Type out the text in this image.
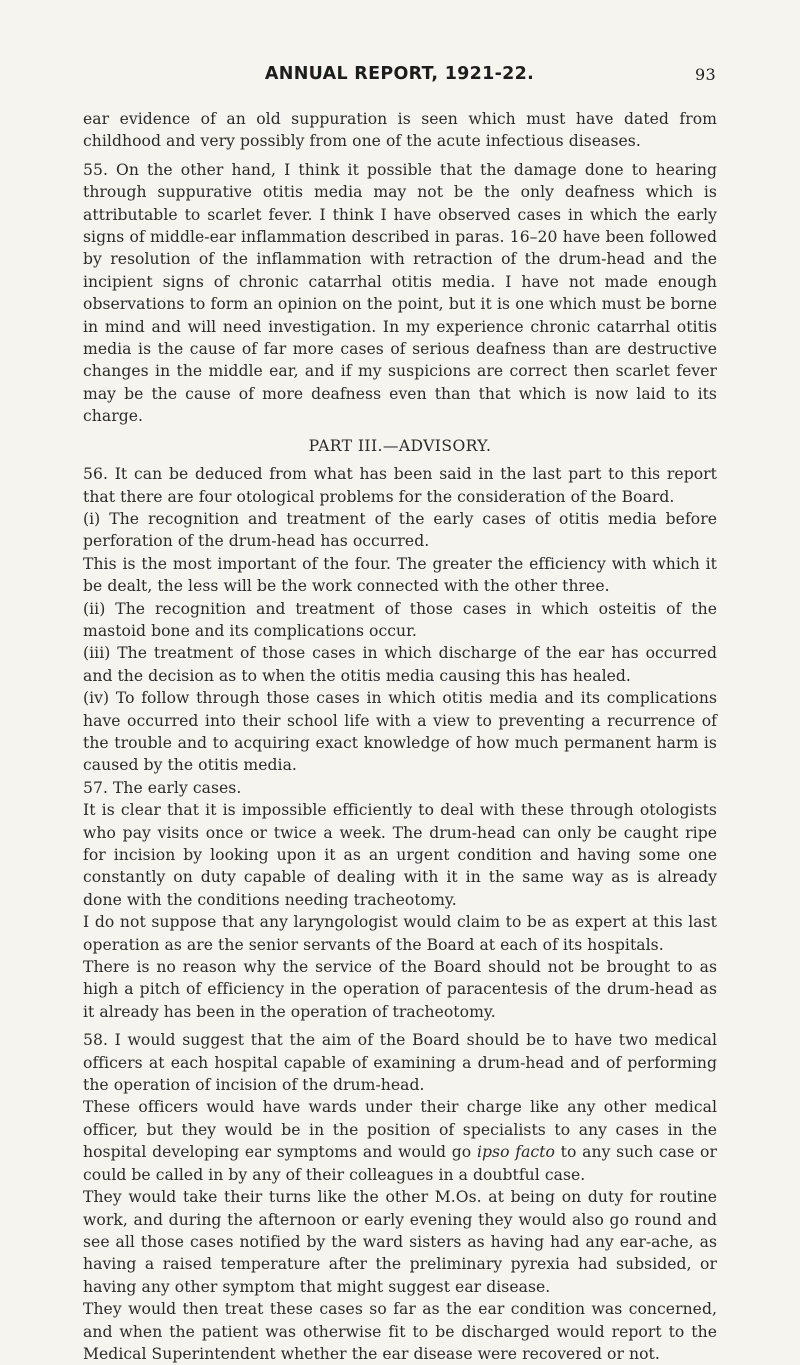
ANNUAL REPORT, 1921-22.	93

ear evidence of an old suppuration is seen which must have dated from childhood and very possibly from one of the acute infectious diseases.

55. On the other hand, I think it possible that the damage done to hearing through suppurative otitis media may not be the only deafness which is attributable to scarlet fever. I think I have observed cases in which the early signs of middle-ear inflammation described in paras. 16–20 have been followed by resolution of the inflammation with retraction of the drum-head and the incipient signs of chronic catarrhal otitis media. I have not made enough observations to form an opinion on the point, but it is one which must be borne in mind and will need investigation. In my experience chronic catarrhal otitis media is the cause of far more cases of serious deafness than are destructive changes in the middle ear, and if my suspicions are correct then scarlet fever may be the cause of more deafness even than that which is now laid to its charge.

PART III.—ADVISORY.

56. It can be deduced from what has been said in the last part to this report that there are four otological problems for the consideration of the Board.

(i) The recognition and treatment of the early cases of otitis media before perforation of the drum-head has occurred.

This is the most important of the four. The greater the efficiency with which it be dealt, the less will be the work connected with the other three.

(ii) The recognition and treatment of those cases in which osteitis of the mastoid bone and its complications occur.

(iii) The treatment of those cases in which discharge of the ear has occurred and the decision as to when the otitis media causing this has healed.

(iv) To follow through those cases in which otitis media and its complications have occurred into their school life with a view to preventing a recurrence of the trouble and to acquiring exact knowledge of how much permanent harm is caused by the otitis media.

57. The early cases.

It is clear that it is impossible efficiently to deal with these through otologists who pay visits once or twice a week. The drum-head can only be caught ripe for incision by looking upon it as an urgent condition and having some one constantly on duty capable of dealing with it in the same way as is already done with the conditions needing tracheotomy.

I do not suppose that any laryngologist would claim to be as expert at this last operation as are the senior servants of the Board at each of its hospitals.

There is no reason why the service of the Board should not be brought to as high a pitch of efficiency in the operation of paracentesis of the drum-head as it already has been in the operation of tracheotomy.

58. I would suggest that the aim of the Board should be to have two medical officers at each hospital capable of examining a drum-head and of performing the operation of incision of the drum-head.

These officers would have wards under their charge like any other medical officer, but they would be in the position of specialists to any cases in the hospital developing ear symptoms and would go ipso facto to any such case or could be called in by any of their colleagues in a doubtful case.

They would take their turns like the other M.Os. at being on duty for routine work, and during the afternoon or early evening they would also go round and see all those cases notified by the ward sisters as having had any ear-ache, as having a raised temperature after the preliminary pyrexia had subsided, or having any other symptom that might suggest ear disease.

They would then treat these cases so far as the ear condition was concerned, and when the patient was otherwise fit to be discharged would report to the Medical Superintendent whether the ear disease were recovered or not.
